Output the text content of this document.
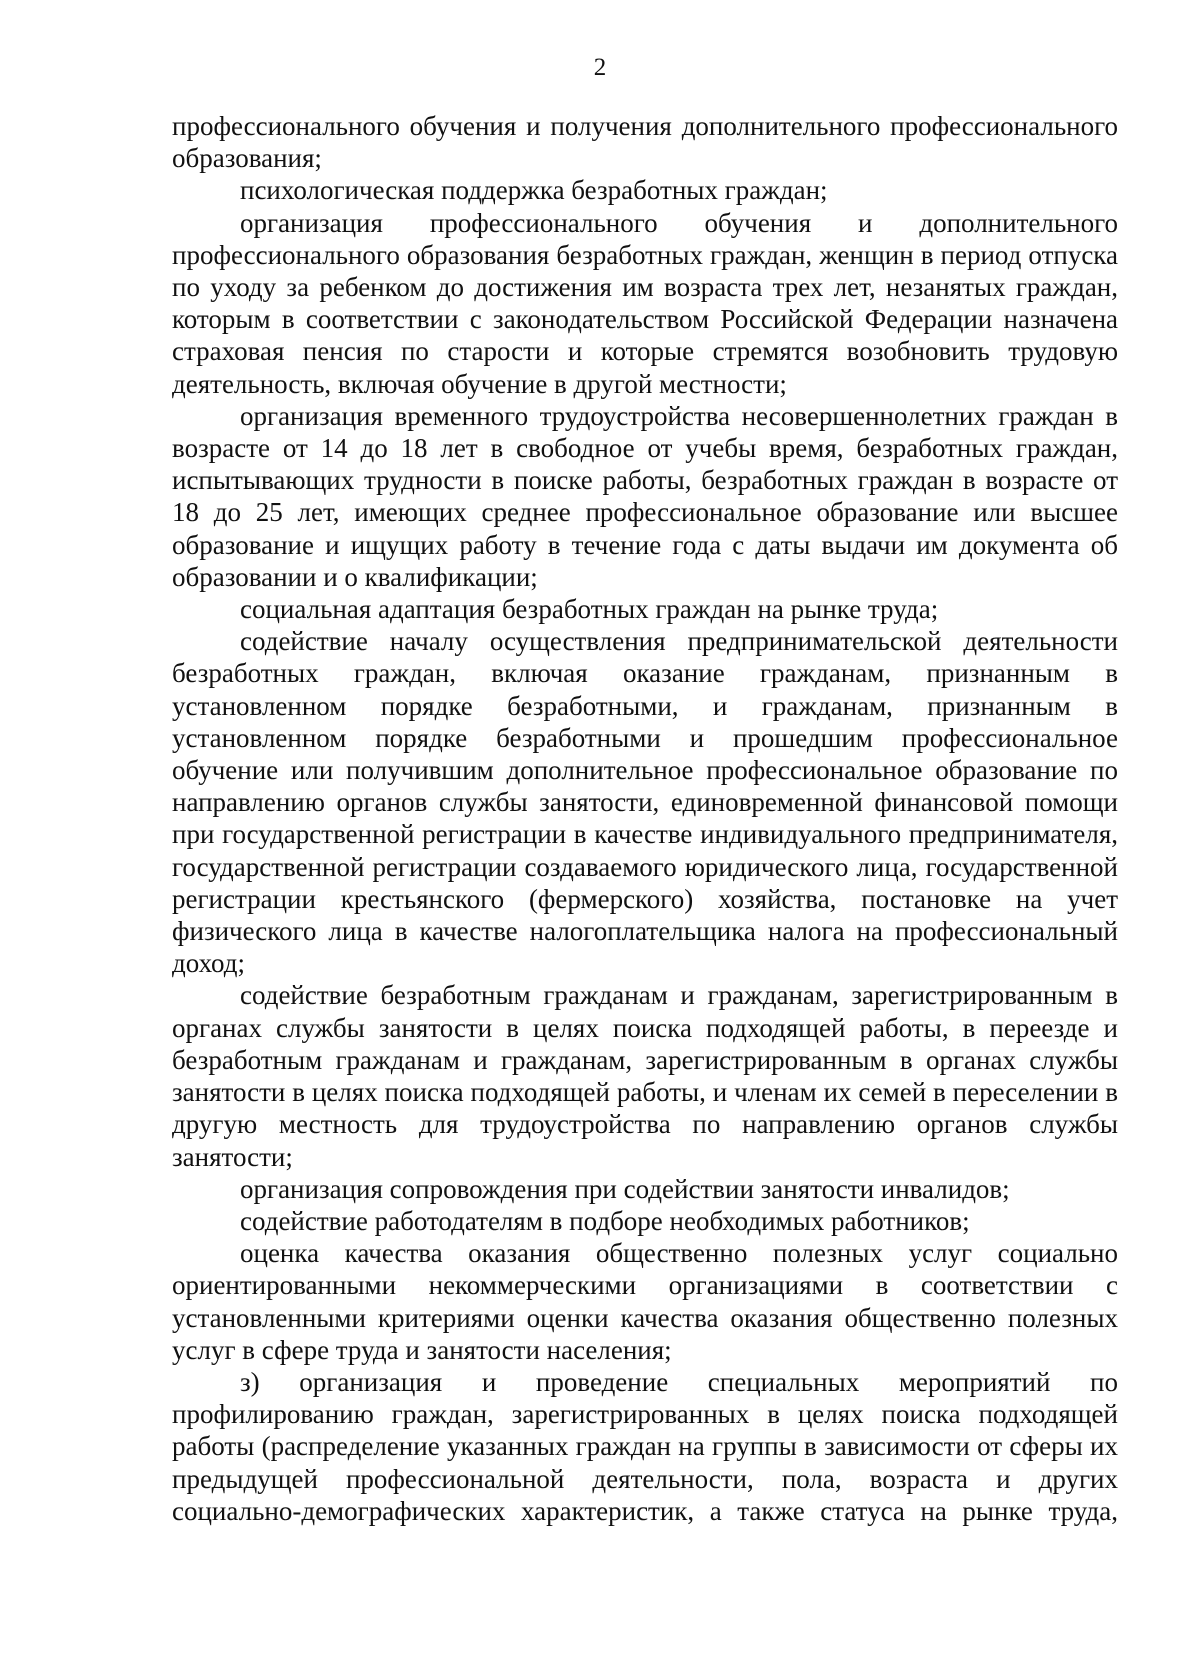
2

профессионального обучения и получения дополнительного профессионального образования;

психологическая поддержка безработных граждан;

организация профессионального обучения и дополнительного профессионального образования безработных граждан, женщин в период отпуска по уходу за ребенком до достижения им возраста трех лет, незанятых граждан, которым в соответствии с законодательством Российской Федерации назначена страховая пенсия по старости и которые стремятся возобновить трудовую деятельность, включая обучение в другой местности;

организация временного трудоустройства несовершеннолетних граждан в возрасте от 14 до 18 лет в свободное от учебы время, безработных граждан, испытывающих трудности в поиске работы, безработных граждан в возрасте от 18 до 25 лет, имеющих среднее профессиональное образование или высшее образование и ищущих работу в течение года с даты выдачи им документа об образовании и о квалификации;

социальная адаптация безработных граждан на рынке труда;

содействие началу осуществления предпринимательской деятельности безработных граждан, включая оказание гражданам, признанным в установленном порядке безработными, и гражданам, признанным в установленном порядке безработными и прошедшим профессиональное обучение или получившим дополнительное профессиональное образование по направлению органов службы занятости, единовременной финансовой помощи при государственной регистрации в качестве индивидуального предпринимателя, государственной регистрации создаваемого юридического лица, государственной регистрации крестьянского (фермерского) хозяйства, постановке на учет физического лица в качестве налогоплательщика налога на профессиональный доход;

содействие безработным гражданам и гражданам, зарегистрированным в органах службы занятости в целях поиска подходящей работы, в переезде и безработным гражданам и гражданам, зарегистрированным в органах службы занятости в целях поиска подходящей работы, и членам их семей в переселении в другую местность для трудоустройства по направлению органов службы занятости;

организация сопровождения при содействии занятости инвалидов;

содействие работодателям в подборе необходимых работников;

оценка качества оказания общественно полезных услуг социально ориентированными некоммерческими организациями в соответствии с установленными критериями оценки качества оказания общественно полезных услуг в сфере труда и занятости населения;

з) организация и проведение специальных мероприятий по профилированию граждан, зарегистрированных в целях поиска подходящей работы (распределение указанных граждан на группы в зависимости от сферы их предыдущей профессиональной деятельности, пола, возраста и других социально-демографических характеристик, а также статуса на рынке труда,
